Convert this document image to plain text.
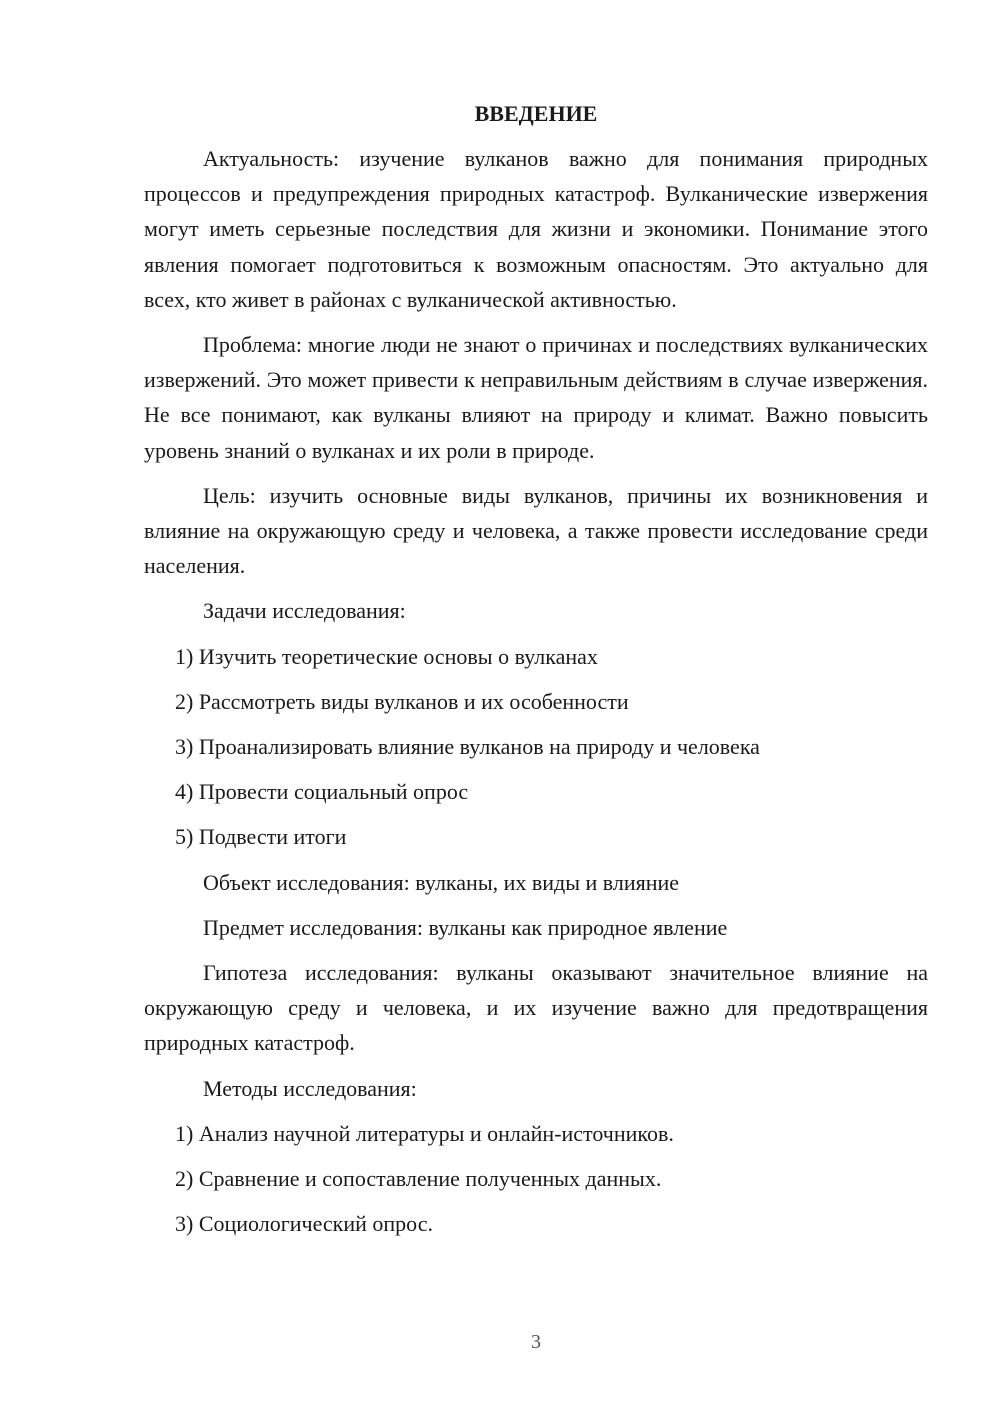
ВВЕДЕНИЕ
Актуальность: изучение вулканов важно для понимания природных процессов и предупреждения природных катастроф. Вулканические извержения могут иметь серьезные последствия для жизни и экономики. Понимание этого явления помогает подготовиться к возможным опасностям. Это актуально для всех, кто живет в районах с вулканической активностью.
Проблема: многие люди не знают о причинах и последствиях вулканических извержений. Это может привести к неправильным действиям в случае извержения. Не все понимают, как вулканы влияют на природу и климат. Важно повысить уровень знаний о вулканах и их роли в природе.
Цель: изучить основные виды вулканов, причины их возникновения и влияние на окружающую среду и человека, а также провести исследование среди населения.
Задачи исследования:
1) Изучить теоретические основы о вулканах
2) Рассмотреть виды вулканов и их особенности
3) Проанализировать влияние вулканов на природу и человека
4) Провести социальный опрос
5) Подвести итоги
Объект исследования: вулканы, их виды и влияние
Предмет исследования: вулканы как природное явление
Гипотеза исследования: вулканы оказывают значительное влияние на окружающую среду и человека, и их изучение важно для предотвращения природных катастроф.
Методы исследования:
1) Анализ научной литературы и онлайн-источников.
2) Сравнение и сопоставление полученных данных.
3) Социологический опрос.
3
